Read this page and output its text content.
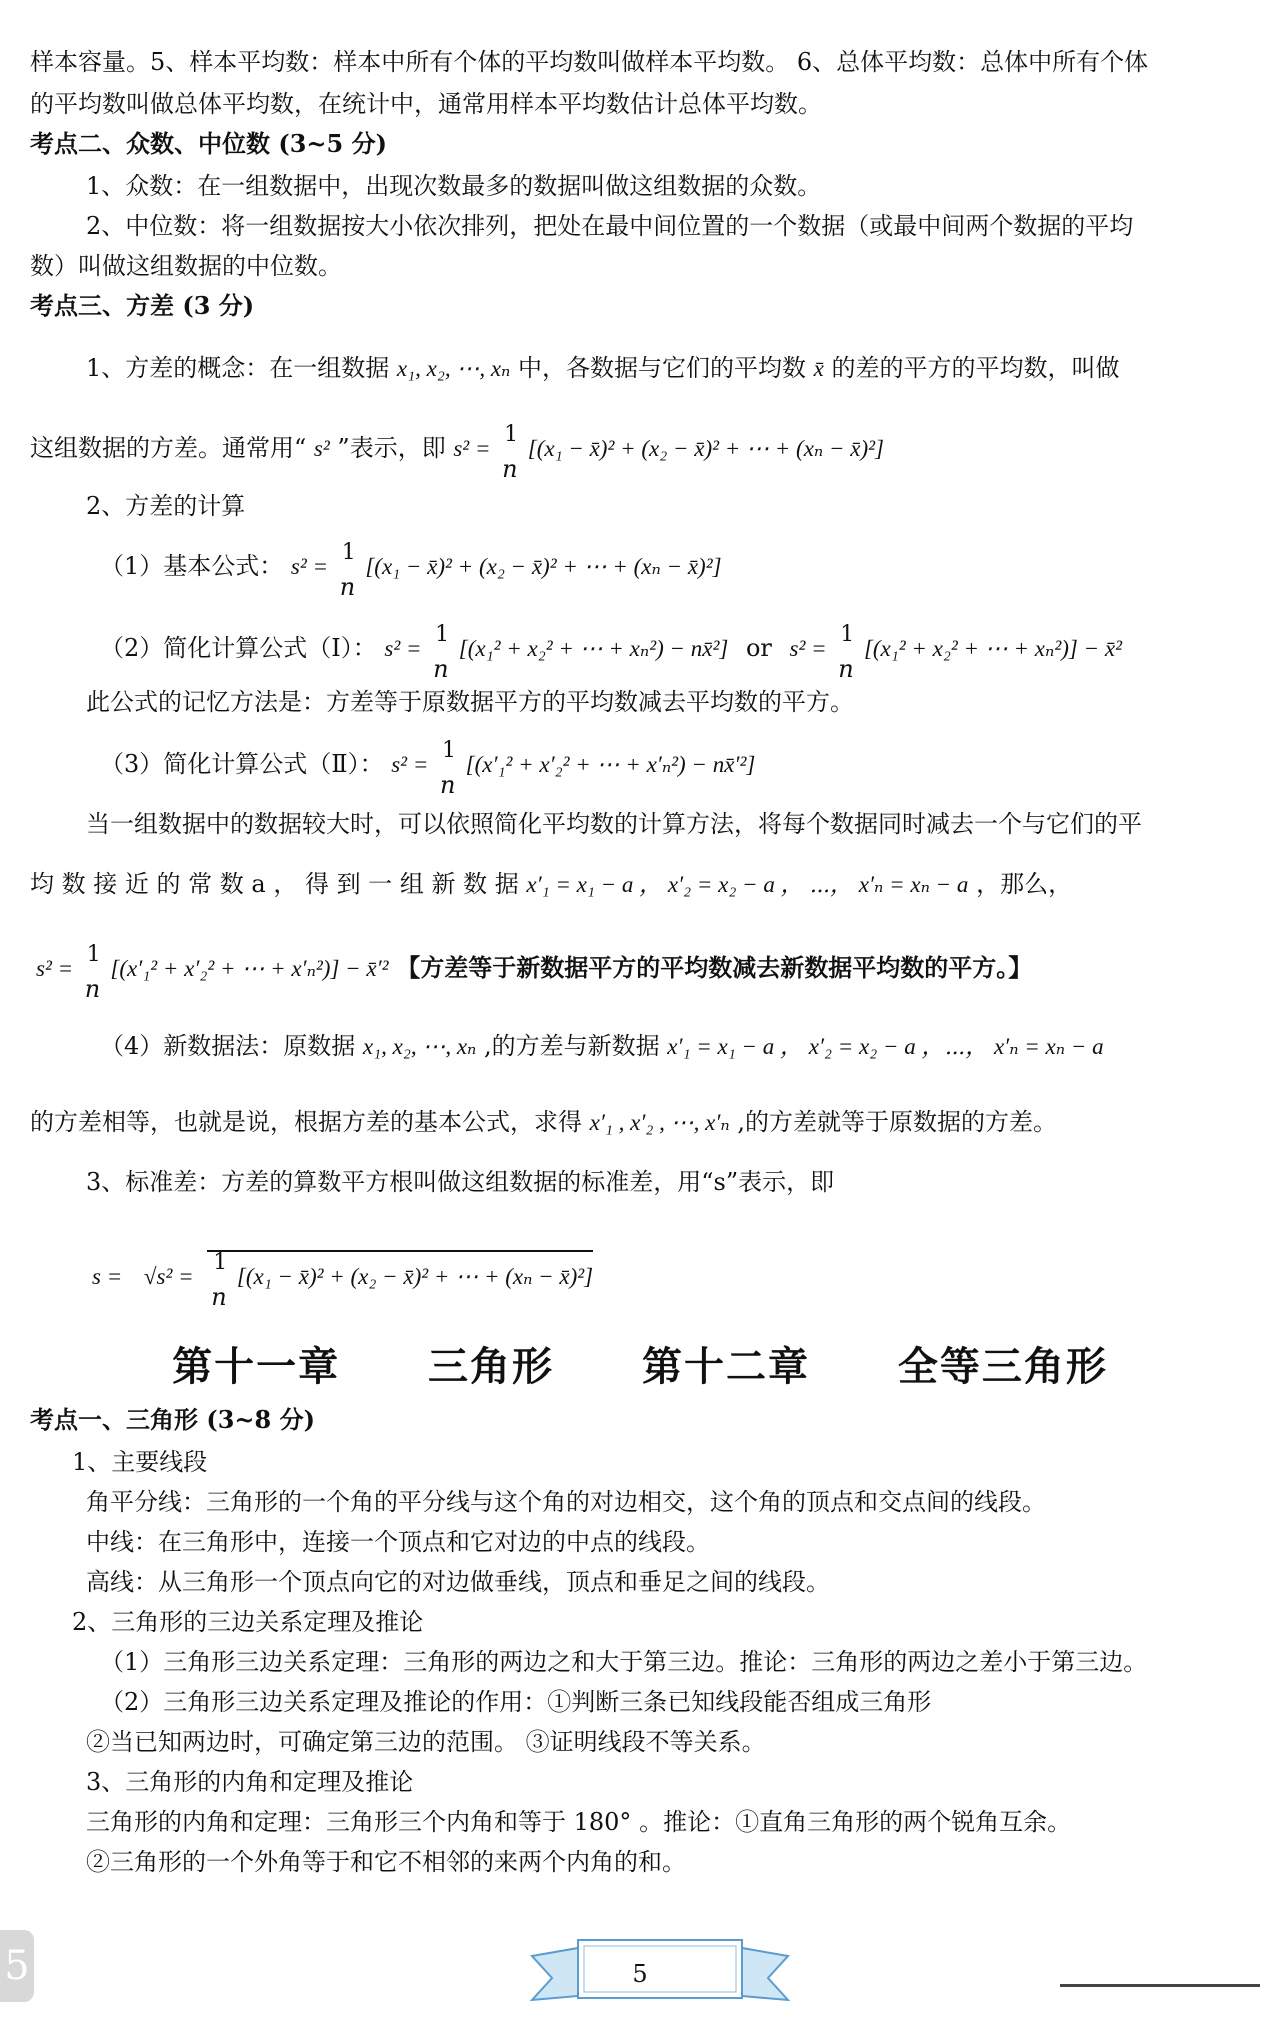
样本容量。5、样本平均数：样本中所有个体的平均数叫做样本平均数。 6、总体平均数：总体中所有个体
的平均数叫做总体平均数，在统计中，通常用样本平均数估计总体平均数。
考点二、众数、中位数 (3~5 分)
1、众数：在一组数据中，出现次数最多的数据叫做这组数据的众数。
2、中位数：将一组数据按大小依次排列，把处在最中间位置的一个数据（或最中间两个数据的平均
数）叫做这组数据的中位数。
考点三、方差 (3 分)
1、方差的概念：在一组数据 x₁, x₂, ⋯, xₙ 中，各数据与它们的平均数 x̄ 的差的平方的平均数，叫做
这组数据的方差。通常用“ s² ”表示，即 s² =
1
n
[(x₁ − x̄)² + (x₂ − x̄)² + ⋯ + (xₙ − x̄)²]
2、方差的计算
（1）基本公式： s² =
1
n
[(x₁ − x̄)² + (x₂ − x̄)² + ⋯ + (xₙ − x̄)²]
（2）简化计算公式（Ⅰ）： s² =
1
n
[(x₁² + x₂² + ⋯ + xₙ²) − nx̄²] or s² =
1
n
[(x₁² + x₂² + ⋯ + xₙ²)] − x̄²
此公式的记忆方法是：方差等于原数据平方的平均数减去平均数的平方。
（3）简化计算公式（Ⅱ）： s² =
1
n
[(x′₁² + x′₂² + ⋯ + x′ₙ²) − nx̄′²]
当一组数据中的数据较大时，可以依照简化平均数的计算方法，将每个数据同时减去一个与它们的平
均 数 接 近 的 常 数 a ， 得 到 一 组 新 数 据 x′₁ = x₁ − a ， x′₂ = x₂ − a ， ⋯， x′ₙ = xₙ − a ，那么，
s² =
1
n
[(x′₁² + x′₂² + ⋯ + x′ₙ²)] − x̄′² 【方差等于新数据平方的平均数减去新数据平均数的平方。】
（4）新数据法：原数据 x₁, x₂, ⋯, xₙ ,的方差与新数据 x′₁ = x₁ − a ， x′₂ = x₂ − a ，⋯， x′ₙ = xₙ − a
的方差相等，也就是说，根据方差的基本公式，求得 x′₁ , x′₂ , ⋯, x′ₙ ,的方差就等于原数据的方差。
3、标准差：方差的算数平方根叫做这组数据的标准差，用“s”表示，即
s = √s² =
1
n
[(x₁ − x̄)² + (x₂ − x̄)² + ⋯ + (xₙ − x̄)²]
第十一章 三角形 第十二章 全等三角形
考点一、三角形 (3~8 分)
1、主要线段
角平分线：三角形的一个角的平分线与这个角的对边相交，这个角的顶点和交点间的线段。
中线：在三角形中，连接一个顶点和它对边的中点的线段。
高线：从三角形一个顶点向它的对边做垂线，顶点和垂足之间的线段。
2、三角形的三边关系定理及推论
（1）三角形三边关系定理：三角形的两边之和大于第三边。推论：三角形的两边之差小于第三边。
（2）三角形三边关系定理及推论的作用：①判断三条已知线段能否组成三角形
②当已知两边时，可确定第三边的范围。 ③证明线段不等关系。
3、三角形的内角和定理及推论
三角形的内角和定理：三角形三个内角和等于 180° 。推论：①直角三角形的两个锐角互余。
②三角形的一个外角等于和它不相邻的来两个内角的和。
5
5
